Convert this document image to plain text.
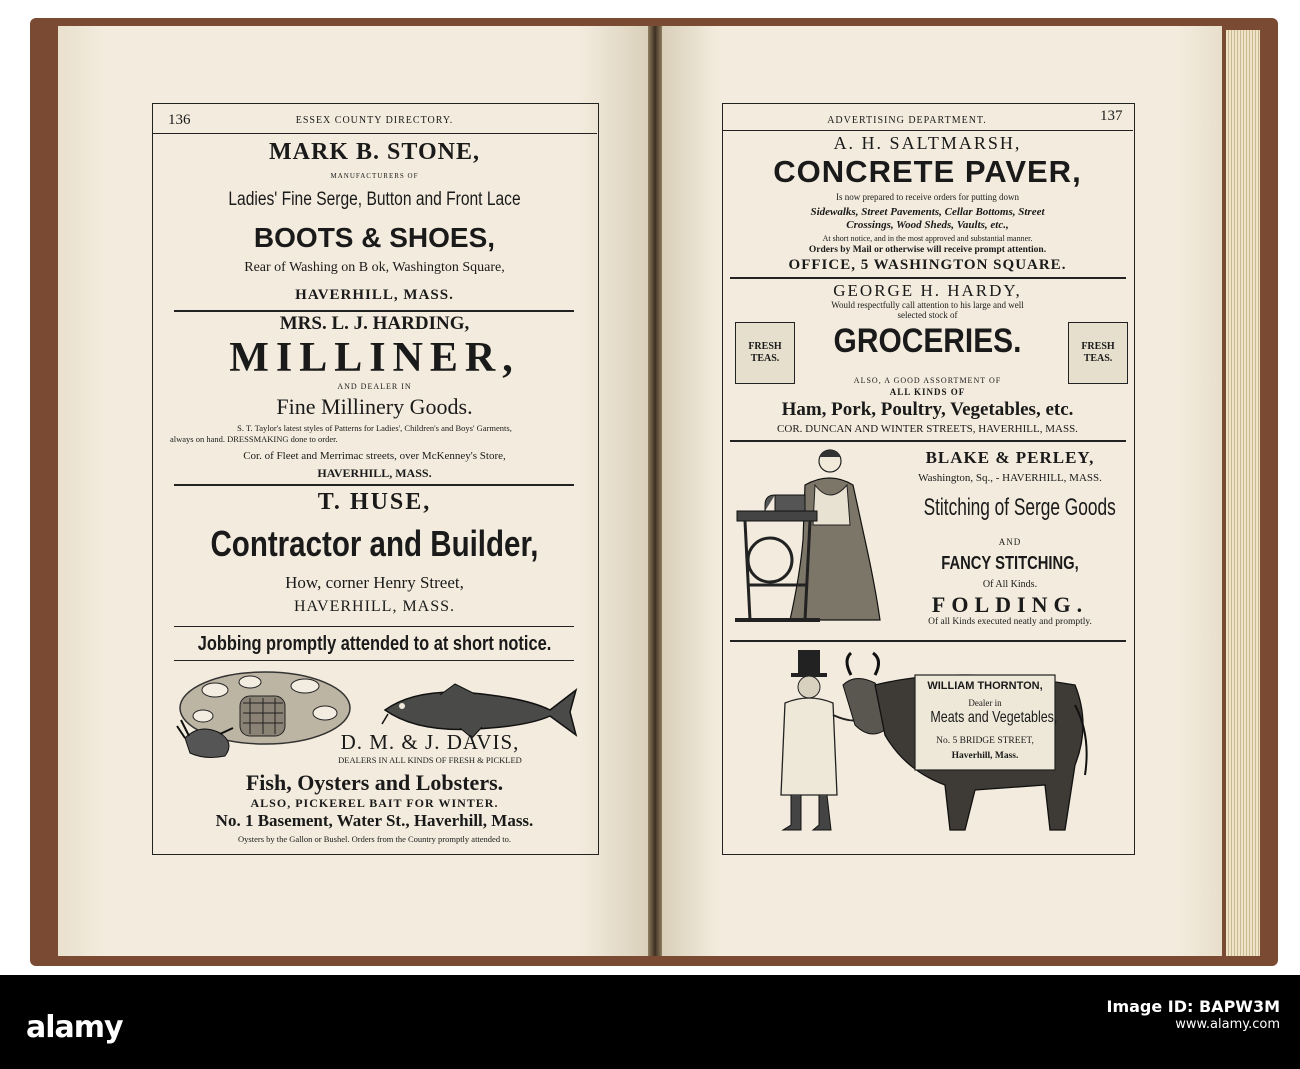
136	ESSEX COUNTY DIRECTORY.
MARK B. STONE,
MANUFACTURERS OF
Ladies' Fine Serge, Button and Front Lace
BOOTS & SHOES,
Rear of Washing on B ok, Washington Square,
HAVERHILL, MASS.
MRS. L. J. HARDING,
MILLINER,
AND DEALER IN
Fine Millinery Goods.
S. T. Taylor's latest styles of Patterns for Ladies', Children's and Boys' Garments,
always on hand. DRESSMAKING done to order.
Cor. of Fleet and Merrimac streets, over McKenney's Store,
HAVERHILL, MASS.
T. HUSE,
Contractor and Builder,
How, corner Henry Street,
HAVERHILL, MASS.
Jobbing promptly attended to at short notice.
D. M. & J. DAVIS,
DEALERS IN ALL KINDS OF FRESH & PICKLED
Fish, Oysters and Lobsters.
ALSO, PICKEREL BAIT FOR WINTER.
No. 1 Basement, Water St., Haverhill, Mass.
Oysters by the Gallon or Bushel. Orders from the Country promptly attended to.
ADVERTISING DEPARTMENT.	137
A. H. SALTMARSH,
CONCRETE PAVER,
Is now prepared to receive orders for putting down
Sidewalks, Street Pavements, Cellar Bottoms, Street
Crossings, Wood Sheds, Vaults, etc.,
At short notice, and in the most approved and substantial manner.
Orders by Mail or otherwise will receive prompt attention.
OFFICE, 5 WASHINGTON SQUARE.
GEORGE H. HARDY,
Would respectfully call attention to his large and well
selected stock of
FRESH TEAS.
FRESH TEAS.
GROCERIES.
ALSO, A GOOD ASSORTMENT OF
ALL KINDS OF
Ham, Pork, Poultry, Vegetables, etc.
COR. DUNCAN AND WINTER STREETS, HAVERHILL, MASS.
BLAKE & PERLEY,
Washington, Sq., - HAVERHILL, MASS.
Stitching of Serge Goods
AND
FANCY STITCHING,
Of All Kinds.
FOLDING.
Of all Kinds executed neatly and promptly.
WILLIAM THORNTON,
Dealer in
Meats and Vegetables,
No. 5 BRIDGE STREET,
Haverhill, Mass.
alamy
Image ID: BAPW3M
www.alamy.com
